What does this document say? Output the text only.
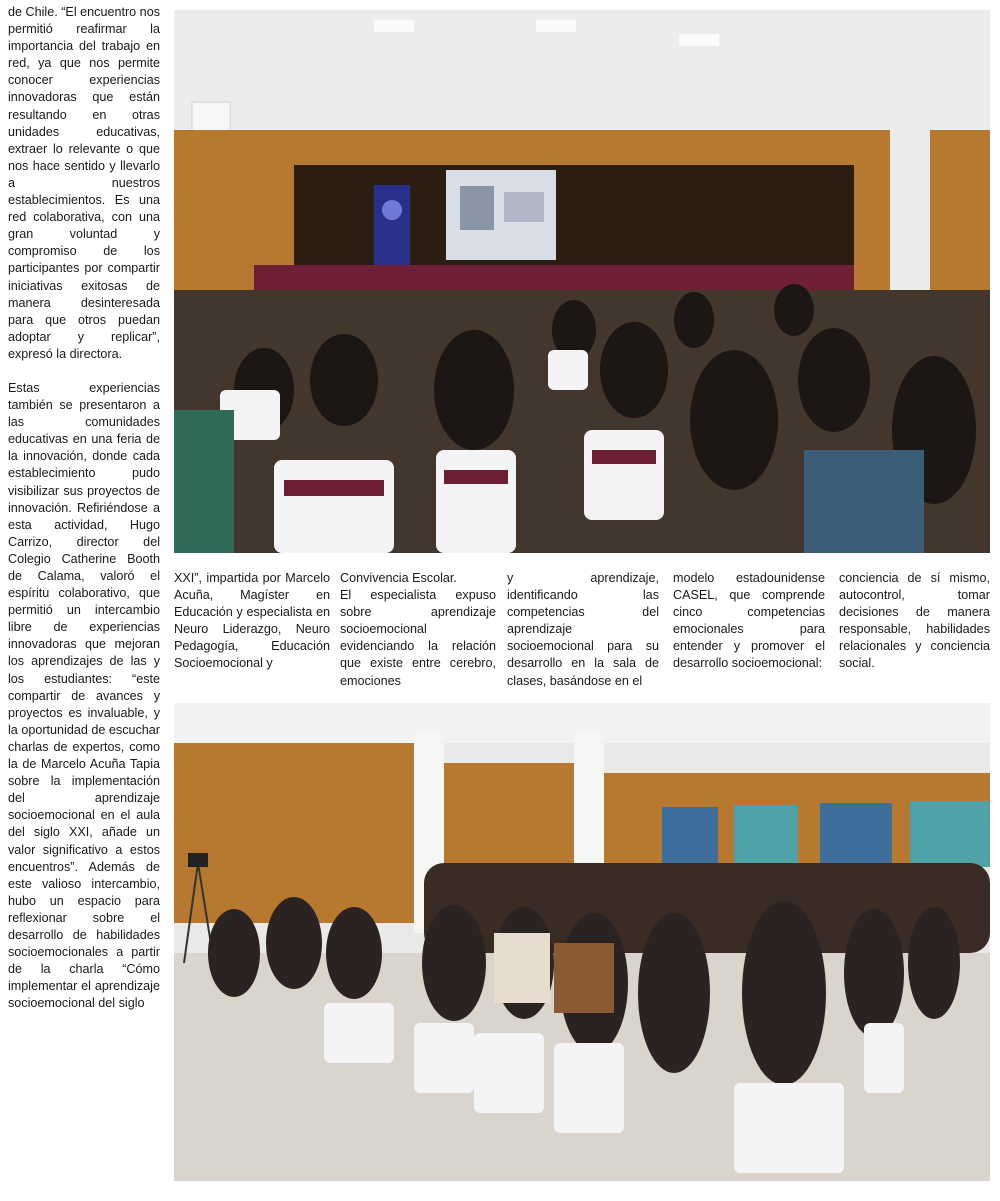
de Chile. “El encuentro nos permitió reafirmar la importancia del trabajo en red, ya que nos permite conocer experiencias innovadoras que están resultando en otras unidades educativas, extraer lo relevante o que nos hace sentido y llevarlo a nuestros establecimientos. Es una red colaborativa, con una gran voluntad y compromiso de los participantes por compartir iniciativas exitosas de manera desinteresada para que otros puedan adoptar y replicar”, expresó la directora.

Estas experiencias también se presentaron a las comunidades educativas en una feria de la innovación, donde cada establecimiento pudo visibilizar sus proyectos de innovación. Refiriéndose a esta actividad, Hugo Carrizo, director del Colegio Catherine Booth de Calama, valoró el espíritu colaborativo, que permitió un intercambio libre de experiencias innovadoras que mejoran los aprendizajes de las y los estudiantes: “este compartir de avances y proyectos es invaluable, y la oportunidad de escuchar charlas de expertos, como la de Marcelo Acuña Tapia sobre la implementación del aprendizaje socioemocional en el aula del siglo XXI, añade un valor significativo a estos encuentros”. Además de este valioso intercambio, hubo un espacio para reflexionar sobre el desarrollo de habilidades socioemocionales a partir de la charla “Cómo implementar el aprendizaje socioemocional del siglo

XXI”, impartida por Marcelo Acuña, Magíster en Educación y especialista en Neuro Liderazgo, Neuro Pedagogía, Educación Socioemocional y

Convivencia Escolar.

El especialista expuso sobre aprendizaje socioemocional evidenciando la relación que existe entre cerebro, emociones

y aprendizaje, identificando las competencias del aprendizaje socioemocional para su desarrollo en la sala de clases, basándose en el

modelo estadounidense CASEL, que comprende cinco competencias emocionales para entender y promover el desarrollo socioemocional:

conciencia de sí mismo, autocontrol, tomar decisiones de manera responsable, habilidades relacionales y conciencia social.
